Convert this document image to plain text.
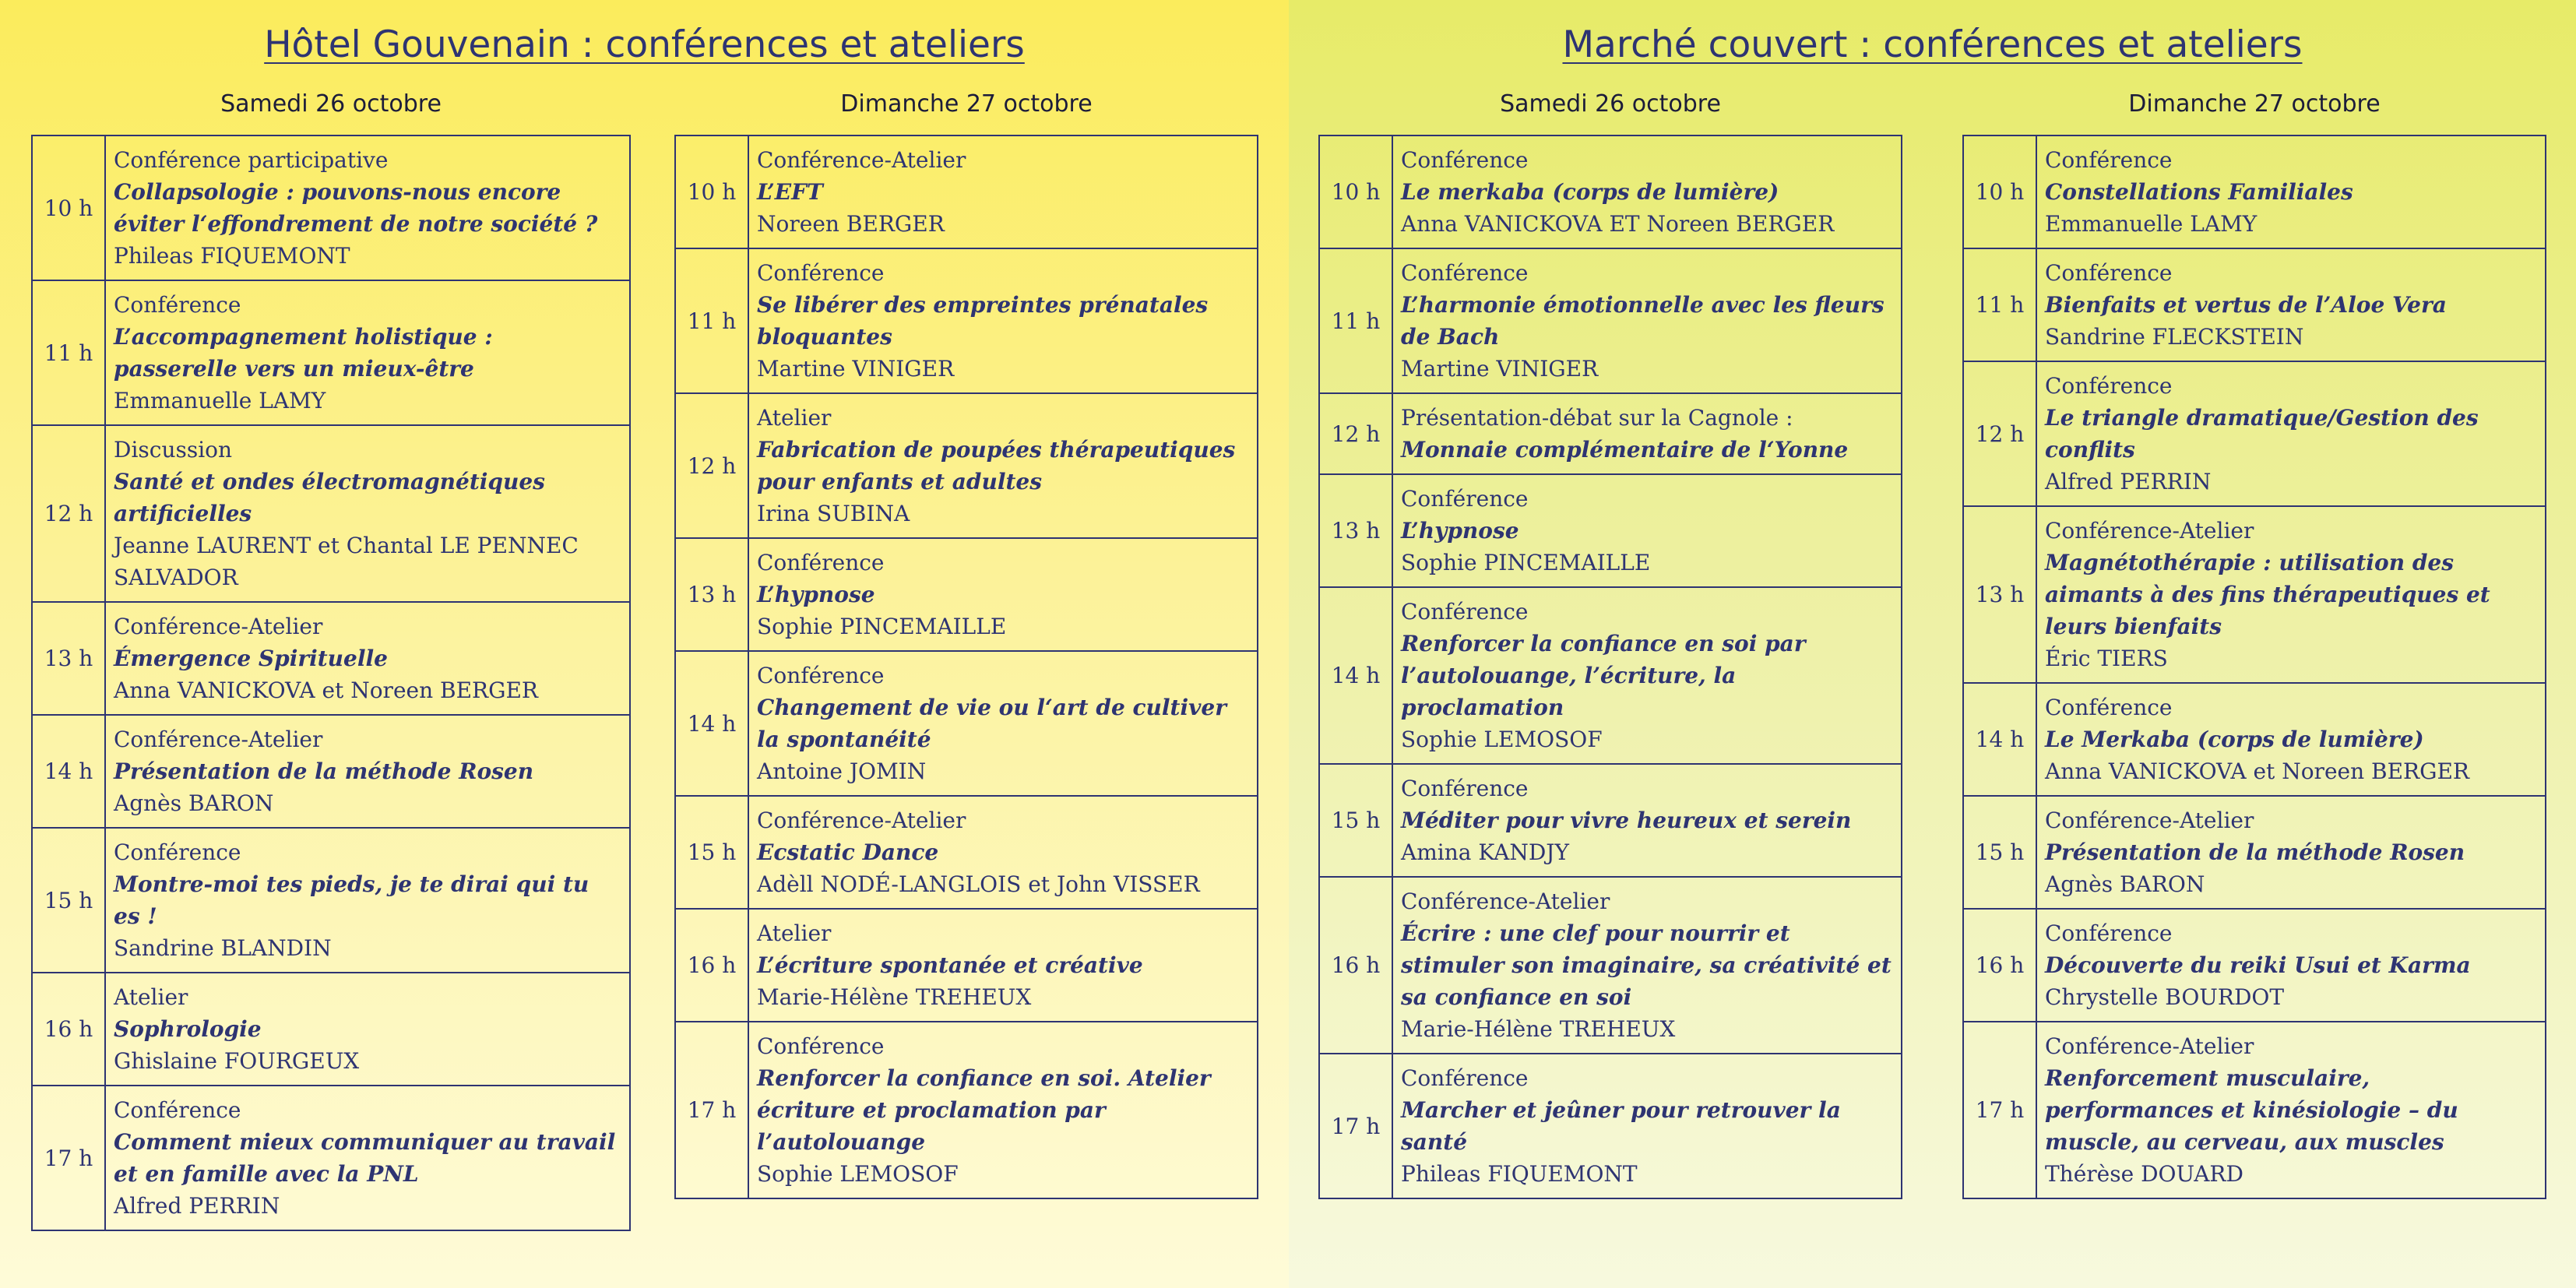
Hôtel Gouvenain : conférences et ateliers
Samedi 26 octobre
10 h	Conférence participative
Collapsologie : pouvons-nous encore éviter l‘effondrement de notre société ?
Phileas FIQUEMONT

11 h	Conférence
L’accompagnement holistique : passerelle vers un mieux-être
Emmanuelle LAMY

12 h	Discussion
Santé et ondes électromagnétiques artificielles
Jeanne LAURENT et Chantal LE PENNEC SALVADOR

13 h	Conférence-Atelier
Émergence Spirituelle
Anna VANICKOVA et Noreen BERGER

14 h	Conférence-Atelier
Présentation de la méthode Rosen
Agnès BARON

15 h	Conférence
Montre-moi tes pieds, je te dirai qui tu es !
Sandrine BLANDIN

16 h	Atelier
Sophrologie
Ghislaine FOURGEUX

17 h	Conférence
Comment mieux communiquer au travail et en famille avec la PNL
Alfred PERRIN
Dimanche 27 octobre
10 h	Conférence-Atelier
L’EFT
Noreen BERGER

11 h	Conférence
Se libérer des empreintes prénatales bloquantes
Martine VINIGER

12 h	Atelier
Fabrication de poupées thérapeutiques pour enfants et adultes
Irina SUBINA

13 h	Conférence
L’hypnose
Sophie PINCEMAILLE

14 h	Conférence
Changement de vie ou l‘art de cultiver la spontanéité
Antoine JOMIN

15 h	Conférence-Atelier
Ecstatic Dance
Adèll NODÉ-LANGLOIS et John VISSER

16 h	Atelier
L’écriture spontanée et créative
Marie-Hélène TREHEUX

17 h	Conférence
Renforcer la confiance en soi. Atelier écriture et proclamation par l’autolouange
Sophie LEMOSOF
Marché couvert : conférences et ateliers
Samedi 26 octobre
10 h	Conférence
Le merkaba (corps de lumière)
Anna VANICKOVA ET Noreen BERGER

11 h	Conférence
L’harmonie émotionnelle avec les fleurs de Bach
Martine VINIGER

12 h	Présentation-débat sur la Cagnole :
Monnaie complémentaire de l‘Yonne

13 h	Conférence
L’hypnose
Sophie PINCEMAILLE

14 h	Conférence
Renforcer la confiance en soi par l’autolouange, l’écriture, la proclamation
Sophie LEMOSOF

15 h	Conférence
Méditer pour vivre heureux et serein
Amina KANDJY

16 h	Conférence-Atelier
Écrire : une clef pour nourrir et stimuler son imaginaire, sa créativité et sa confiance en soi
Marie-Hélène TREHEUX

17 h	Conférence
Marcher et jeûner pour retrouver la santé
Phileas FIQUEMONT
Dimanche 27 octobre
10 h	Conférence
Constellations Familiales
Emmanuelle LAMY

11 h	Conférence
Bienfaits et vertus de l’Aloe Vera
Sandrine FLECKSTEIN

12 h	Conférence
Le triangle dramatique/Gestion des conflits
Alfred PERRIN

13 h	Conférence-Atelier
Magnétothérapie : utilisation des aimants à des fins thérapeutiques et leurs bienfaits
Éric TIERS

14 h	Conférence
Le Merkaba (corps de lumière)
Anna VANICKOVA et Noreen BERGER

15 h	Conférence-Atelier
Présentation de la méthode Rosen
Agnès BARON

16 h	Conférence
Découverte du reiki Usui et Karma
Chrystelle BOURDOT

17 h	Conférence-Atelier
Renforcement musculaire, performances et kinésiologie – du muscle, au cerveau, aux muscles
Thérèse DOUARD
